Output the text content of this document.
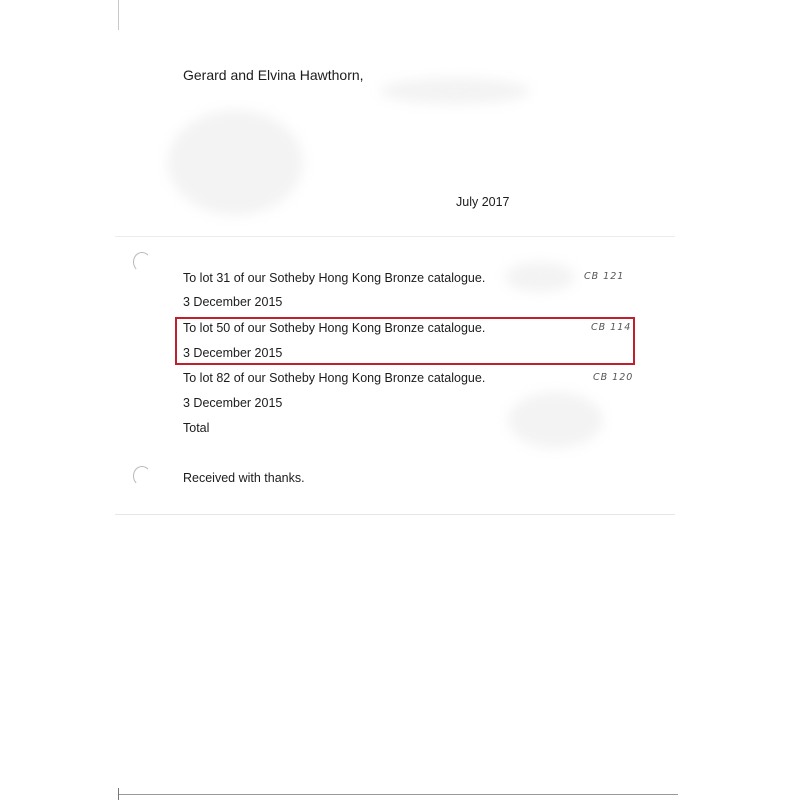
Gerard and Elvina Hawthorn,
July 2017
To lot 31 of our Sotheby Hong Kong Bronze catalogue.	CB 121
3 December 2015
To lot 50 of our Sotheby Hong Kong Bronze catalogue.	CB 114
3 December 2015
To lot 82 of our Sotheby Hong Kong Bronze catalogue.	CB 120
3 December 2015
Total
Received with thanks.
